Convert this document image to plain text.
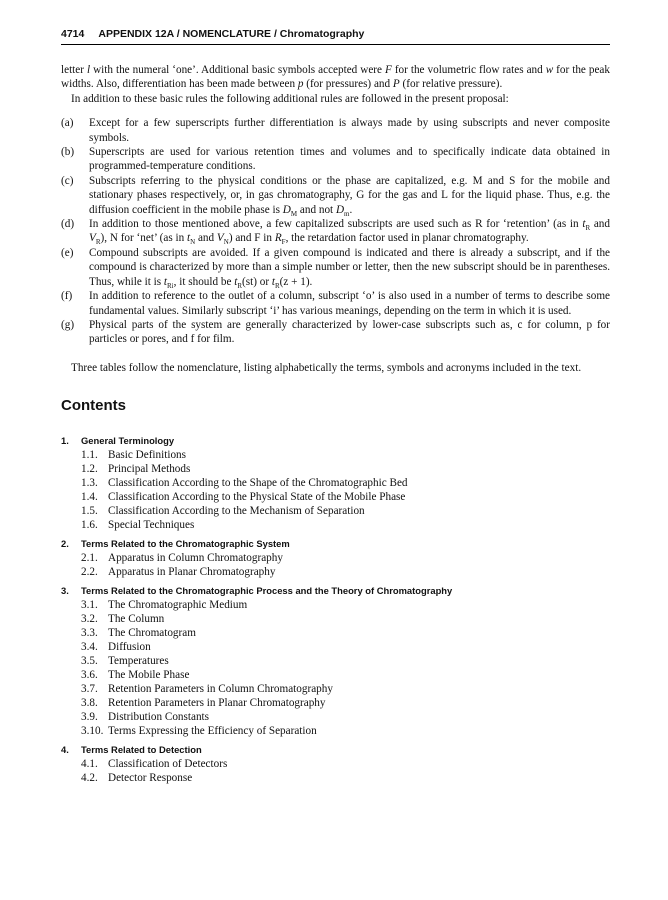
4714 APPENDIX 12A / NOMENCLATURE / Chromatography

letter l with the numeral ‘one’. Additional basic symbols accepted were F for the volumetric flow rates and w for the peak widths. Also, differentiation has been made between p (for pressures) and P (for relative pressure).

In addition to these basic rules the following additional rules are followed in the present proposal:

(a)	Except for a few superscripts further differentiation is always made by using subscripts and never composite symbols.
(b)	Superscripts are used for various retention times and volumes and to specifically indicate data obtained in programmed-temperature conditions.
(c)	Subscripts referring to the physical conditions or the phase are capitalized, e.g. M and S for the mobile and stationary phases respectively, or, in gas chromatography, G for the gas and L for the liquid phase. Thus, e.g. the diffusion coefficient in the mobile phase is $D_M$ and not $D_m$.
(d)	In addition to those mentioned above, a few capitalized subscripts are used such as R for ‘retention’ (as in $t_R$ and $V_R$), N for ‘net’ (as in $t_N$ and $V_N$) and F in $R_F$, the retardation factor used in planar chromatography.
(e)	Compound subscripts are avoided. If a given compound is indicated and there is already a subscript, and if the compound is characterized by more than a simple number or letter, then the new subscript should be in parentheses. Thus, while it is $t_{Ri}$, it should be $t_R(st)$ or $t_R(z + 1)$.
(f)	In addition to reference to the outlet of a column, subscript ‘o’ is also used in a number of terms to describe some fundamental values. Similarly subscript ‘i’ has various meanings, depending on the term in which it is used.
(g)	Physical parts of the system are generally characterized by lower-case subscripts such as, c for column, p for particles or pores, and f for film.

Three tables follow the nomenclature, listing alphabetically the terms, symbols and acronyms included in the text.

Contents
1.	General Terminology
1.1. Basic Definitions
1.2. Principal Methods
1.3. Classification According to the Shape of the Chromatographic Bed
1.4. Classification According to the Physical State of the Mobile Phase
1.5. Classification According to the Mechanism of Separation
1.6. Special Techniques
2.	Terms Related to the Chromatographic System
2.1. Apparatus in Column Chromatography
2.2. Apparatus in Planar Chromatography
3.	Terms Related to the Chromatographic Process and the Theory of Chromatography
3.1. The Chromatographic Medium
3.2. The Column
3.3. The Chromatogram
3.4. Diffusion
3.5. Temperatures
3.6. The Mobile Phase
3.7. Retention Parameters in Column Chromatography
3.8. Retention Parameters in Planar Chromatography
3.9. Distribution Constants
3.10. Terms Expressing the Efficiency of Separation
4.	Terms Related to Detection
4.1. Classification of Detectors
4.2. Detector Response
